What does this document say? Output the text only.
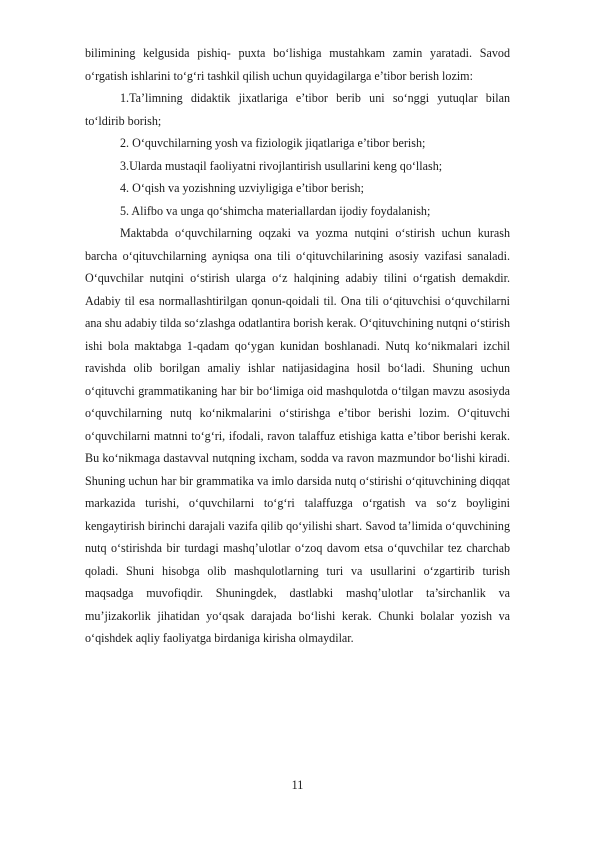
bilimining kelgusida pishiq- puxta bo‘lishiga mustahkam zamin yaratadi. Savod o‘rgatish ishlarini to‘g‘ri tashkil qilish uchun quyidagilarga e’tibor berish lozim:

1.Ta’limning didaktik jixatlariga e’tibor berib uni so‘nggi yutuqlar bilan to‘ldirib borish;

2. O‘quvchilarning yosh va fiziologik jiqatlariga e’tibor berish;

3.Ularda mustaqil faoliyatni rivojlantirish usullarini keng qo‘llash;

4. O‘qish va yozishning uzviyligiga e’tibor berish;

5. Alifbo va unga qo‘shimcha materiallardan ijodiy foydalanish;

Maktabda o‘quvchilarning oqzaki va yozma nutqini o‘stirish uchun kurash barcha o‘qituvchilarning ayniqsa ona tili o‘qituvchilarining asosiy vazifasi sanaladi. O‘quvchilar nutqini o‘stirish ularga o‘z halqining adabiy tilini o‘rgatish demakdir. Adabiy til esa normallashtirilgan qonun-qoidali til. Ona tili o‘qituvchisi o‘quvchilarni ana shu adabiy tilda so‘zlashga odatlantira borish kerak. O‘qituvchining nutqni o‘stirish ishi bola maktabga 1-qadam qo‘ygan kunidan boshlanadi. Nutq ko‘nikmalari izchil ravishda olib borilgan amaliy ishlar natijasidagina hosil bo‘ladi. Shuning uchun o‘qituvchi grammatikaning har bir bo‘limiga oid mashqulotda o‘tilgan mavzu asosiyda o‘quvchilarning nutq ko‘nikmalarini o‘stirishga e’tibor berishi lozim. O‘qituvchi o‘quvchilarni matnni to‘g‘ri, ifodali, ravon talaffuz etishiga katta e’tibor berishi kerak. Bu ko‘nikmaga dastavval nutqning ixcham, sodda va ravon mazmundor bo‘lishi kiradi. Shuning uchun har bir grammatika va imlo darsida nutq o‘stirishi o‘qituvchining diqqat markazida turishi, o‘quvchilarni to‘g‘ri talaffuzga o‘rgatish va so‘z boyligini kengaytirish birinchi darajali vazifa qilib qo‘yilishi shart. Savod ta’limida o‘quvchining nutq o‘stirishda bir turdagi mashq’ulotlar o‘zoq davom etsa o‘quvchilar tez charchab qoladi. Shuni hisobga olib mashqulotlarning turi va usullarini o‘zgartirib turish maqsadga muvofiqdir. Shuningdek, dastlabki mashq’ulotlar ta’sirchanlik va mu’jizakorlik jihatidan yo‘qsak darajada bo‘lishi kerak. Chunki bolalar yozish va o‘qishdek aqliy faoliyatga birdaniga kirisha olmaydilar.

11
